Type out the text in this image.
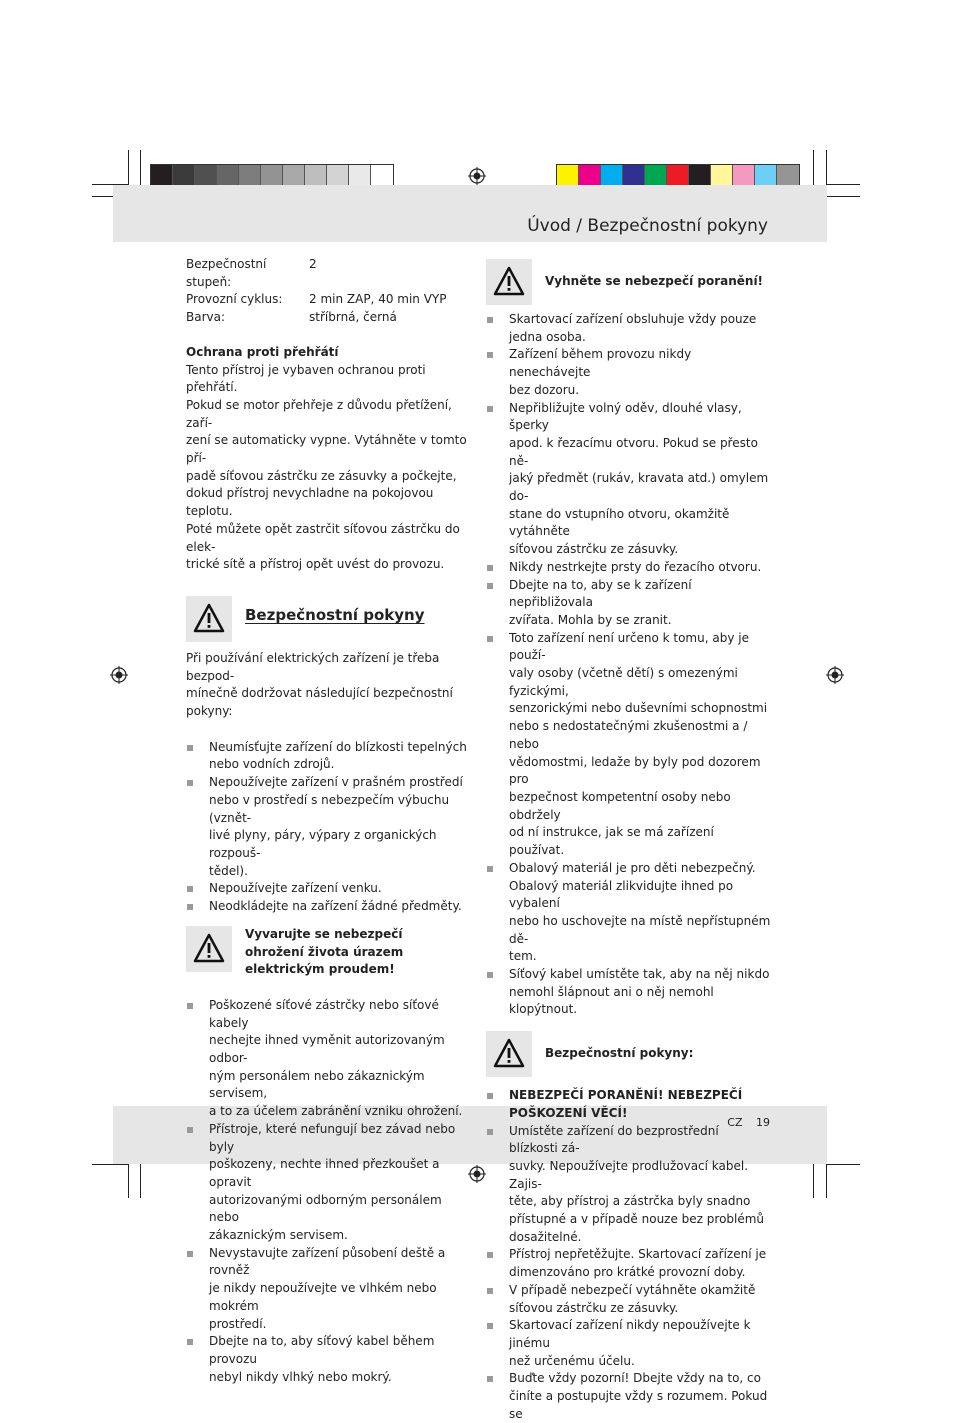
Úvod / Bezpečnostní pokyny
CZ 19
Bezpečnostní stupeň:
2
Provozní cyklus:	2 min ZAP, 40 min VYP
Barva:	stříbrná, černá

Ochrana proti přehřátí

Tento přístroj je vybaven ochranou proti přehřátí.
Pokud se motor přehřeje z důvodu přetížení, zaří-
zení se automaticky vypne. Vytáhněte v tomto pří-
padě síťovou zástrčku ze zásuvky a počkejte,
dokud přístroj nevychladne na pokojovou teplotu.
Poté můžete opět zastrčit síťovou zástrčku do elek-
trické sítě a přístroj opět uvést do provozu.
Bezpečnostní pokyny
Při používání elektrických zařízení je třeba bezpod-
mínečně dodržovat následující bezpečnostní pokyny:
Neumísťujte zařízení do blízkosti tepelných
nebo vodních zdrojů.
Nepoužívejte zařízení v prašném prostředí
nebo v prostředí s nebezpečím výbuchu (vznět-
livé plyny, páry, výpary z organických rozpouš-
tědel).
Nepoužívejte zařízení venku.
Neodkládejte na zařízení žádné předměty.
Vyvarujte se nebezpečí
ohrožení života úrazem
elektrickým proudem!
Poškozené síťové zástrčky nebo síťové kabely
nechejte ihned vyměnit autorizovaným odbor-
ným personálem nebo zákaznickým servisem,
a to za účelem zabránění vzniku ohrožení.
Přístroje, které nefungují bez závad nebo byly
poškozeny, nechte ihned přezkoušet a opravit
autorizovanými odborným personálem nebo
zákaznickým servisem.
Nevystavujte zařízení působení deště a rovněž
je nikdy nepoužívejte ve vlhkém nebo mokrém
prostředí.
Dbejte na to, aby síťový kabel během provozu
nebyl nikdy vlhký nebo mokrý.
Vyhněte se nebezpečí poranění!
Skartovací zařízení obsluhuje vždy pouze
jedna osoba.
Zařízení během provozu nikdy nenechávejte
bez dozoru.
Nepřibližujte volný oděv, dlouhé vlasy, šperky
apod. k řezacímu otvoru. Pokud se přesto ně-
jaký předmět (rukáv, kravata atd.) omylem do-
stane do vstupního otvoru, okamžitě vytáhněte
síťovou zástrčku ze zásuvky.
Nikdy nestrkejte prsty do řezacího otvoru.
Dbejte na to, aby se k zařízení nepřibližovala
zvířata. Mohla by se zranit.
Toto zařízení není určeno k tomu, aby je použí-
valy osoby (včetně dětí) s omezenými fyzickými,
senzorickými nebo duševními schopnostmi
nebo s nedostatečnými zkušenostmi a / nebo
vědomostmi, ledaže by byly pod dozorem pro
bezpečnost kompetentní osoby nebo obdržely
od ní instrukce, jak se má zařízení používat.
Obalový materiál je pro děti nebezpečný.
Obalový materiál zlikvidujte ihned po vybalení
nebo ho uschovejte na místě nepřístupném dě-
tem.
Síťový kabel umístěte tak, aby na něj nikdo
nemohl šlápnout ani o něj nemohl klopýtnout.
Bezpečnostní pokyny:
NEBEZPEČÍ PORANĚNÍ! NEBEZPEČÍ
POŠKOZENÍ VĚCÍ!
Umístěte zařízení do bezprostřední blízkosti zá-
suvky. Nepoužívejte prodlužovací kabel. Zajis-
těte, aby přístroj a zástrčka byly snadno
přístupné a v případě nouze bez problémů
dosažitelné.
Přístroj nepřetěžujte. Skartovací zařízení je
dimenzováno pro krátké provozní doby.
V případě nebezpečí vytáhněte okamžitě
síťovou zástrčku ze zásuvky.
Skartovací zařízení nikdy nepoužívejte k jinému
než určenému účelu.
Buďte vždy pozorní! Dbejte vždy na to, co
činíte a postupujte vždy s rozumem. Pokud se
